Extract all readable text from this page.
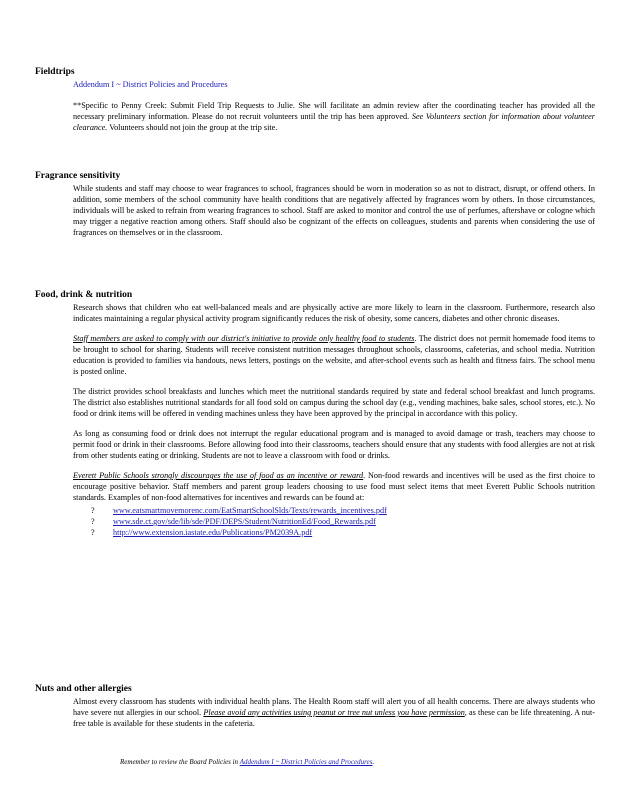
Fieldtrips

Addendum I ~ District Policies and Procedures

**Specific to Penny Creek: Submit Field Trip Requests to Julie. She will facilitate an admin review after the coordinating teacher has provided all the necessary preliminary information. Please do not recruit volunteers until the trip has been approved. See Volunteers section for information about volunteer clearance. Volunteers should not join the group at the trip site.

Fragrance sensitivity

While students and staff may choose to wear fragrances to school, fragrances should be worn in moderation so as not to distract, disrupt, or offend others. In addition, some members of the school community have health conditions that are negatively affected by fragrances worn by others. In those circumstances, individuals will be asked to refrain from wearing fragrances to school. Staff are asked to monitor and control the use of perfumes, aftershave or cologne which may trigger a negative reaction among others. Staff should also be cognizant of the effects on colleagues, students and parents when considering the use of fragrances on themselves or in the classroom.

Food, drink & nutrition

Research shows that children who eat well-balanced meals and are physically active are more likely to learn in the classroom. Furthermore, research also indicates maintaining a regular physical activity program significantly reduces the risk of obesity, some cancers, diabetes and other chronic diseases.

Staff members are asked to comply with our district's initiative to provide only healthy food to students. The district does not permit homemade food items to be brought to school for sharing. Students will receive consistent nutrition messages throughout schools, classrooms, cafeterias, and school media. Nutrition education is provided to families via handouts, news letters, postings on the website, and after-school events such as health and fitness fairs. The school menu is posted online.

The district provides school breakfasts and lunches which meet the nutritional standards required by state and federal school breakfast and lunch programs. The district also establishes nutritional standards for all food sold on campus during the school day (e.g., vending machines, bake sales, school stores, etc.). No food or drink items will be offered in vending machines unless they have been approved by the principal in accordance with this policy.

As long as consuming food or drink does not interrupt the regular educational program and is managed to avoid damage or trash, teachers may choose to permit food or drink in their classrooms. Before allowing food into their classrooms, teachers should ensure that any students with food allergies are not at risk from other students eating or drinking. Students are not to leave a classroom with food or drinks.

Everett Public Schools strongly discourages the use of food as an incentive or reward. Non-food rewards and incentives will be used as the first choice to encourage positive behavior. Staff members and parent group leaders choosing to use food must select items that meet Everett Public Schools nutrition standards. Examples of non-food alternatives for incentives and rewards can be found at:

? www.eatsmartmovemorenc.com/EatSmartSchoolSlds/Texts/rewards_incentives.pdf
? www.sde.ct.gov/sde/lib/sde/PDF/DEPS/Student/NutritionEd/Food_Rewards.pdf
? http://www.extension.iastate.edu/Publications/PM2039A.pdf
Nuts and other allergies

Almost every classroom has students with individual health plans. The Health Room staff will alert you of all health concerns. There are always students who have severe nut allergies in our school. Please avoid any activities using peanut or tree nut unless you have permission, as these can be life threatening. A nut-free table is available for these students in the cafeteria.

Remember to review the Board Policies in Addendum I ~ District Policies and Procedures.
